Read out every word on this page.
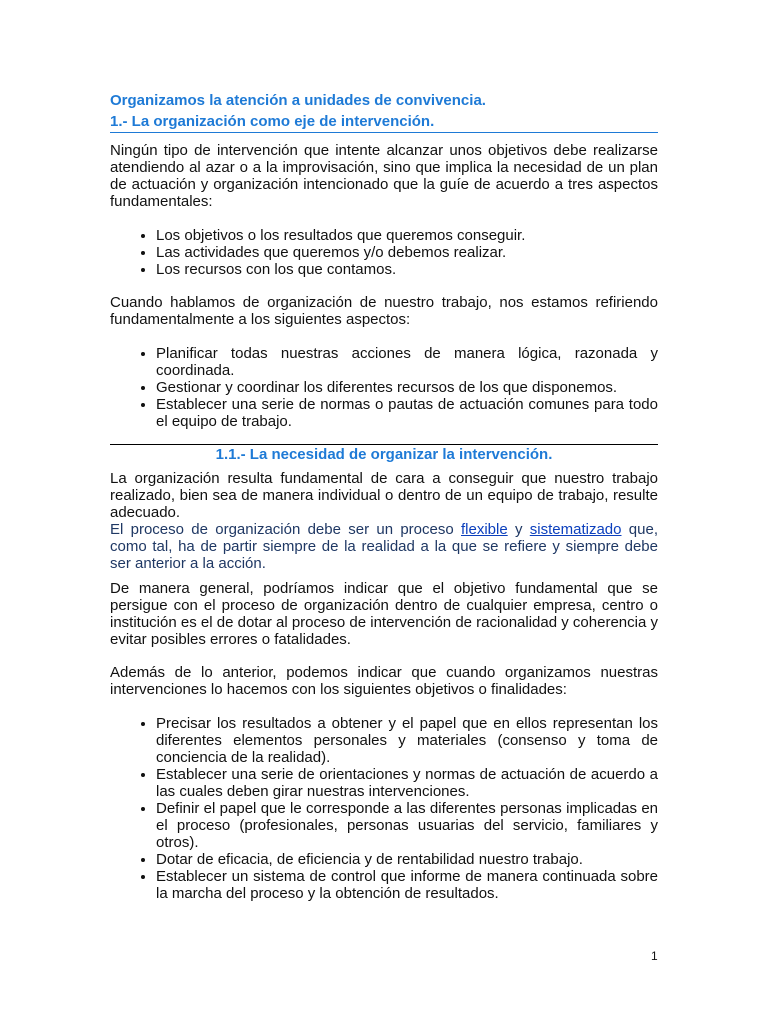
Organizamos la atención a unidades de convivencia.
1.- La organización como eje de intervención.

Ningún tipo de intervención que intente alcanzar unos objetivos debe realizarse atendiendo al azar o a la improvisación, sino que implica la necesidad de un plan de actuación y organización intencionado que la guíe de acuerdo a tres aspectos fundamentales:

• Los objetivos o los resultados que queremos conseguir.
• Las actividades que queremos y/o debemos realizar.
• Los recursos con los que contamos.

Cuando hablamos de organización de nuestro trabajo, nos estamos refiriendo fundamentalmente a los siguientes aspectos:

• Planificar todas nuestras acciones de manera lógica, razonada y coordinada.
• Gestionar y coordinar los diferentes recursos de los que disponemos.
• Establecer una serie de normas o pautas de actuación comunes para todo el equipo de trabajo.
1.1.- La necesidad de organizar la intervención.

La organización resulta fundamental de cara a conseguir que nuestro trabajo realizado, bien sea de manera individual o dentro de un equipo de trabajo, resulte adecuado.

El proceso de organización debe ser un proceso flexible y sistematizado que, como tal, ha de partir siempre de la realidad a la que se refiere y siempre debe ser anterior a la acción.

De manera general, podríamos indicar que el objetivo fundamental que se persigue con el proceso de organización dentro de cualquier empresa, centro o institución es el de dotar al proceso de intervención de racionalidad y coherencia y evitar posibles errores o fatalidades.

Además de lo anterior, podemos indicar que cuando organizamos nuestras intervenciones lo hacemos con los siguientes objetivos o finalidades:

• Precisar los resultados a obtener y el papel que en ellos representan los diferentes elementos personales y materiales (consenso y toma de conciencia de la realidad).
• Establecer una serie de orientaciones y normas de actuación de acuerdo a las cuales deben girar nuestras intervenciones.
• Definir el papel que le corresponde a las diferentes personas implicadas en el proceso (profesionales, personas usuarias del servicio, familiares y otros).
• Dotar de eficacia, de eficiencia y de rentabilidad nuestro trabajo.
• Establecer un sistema de control que informe de manera continuada sobre la marcha del proceso y la obtención de resultados.
1
